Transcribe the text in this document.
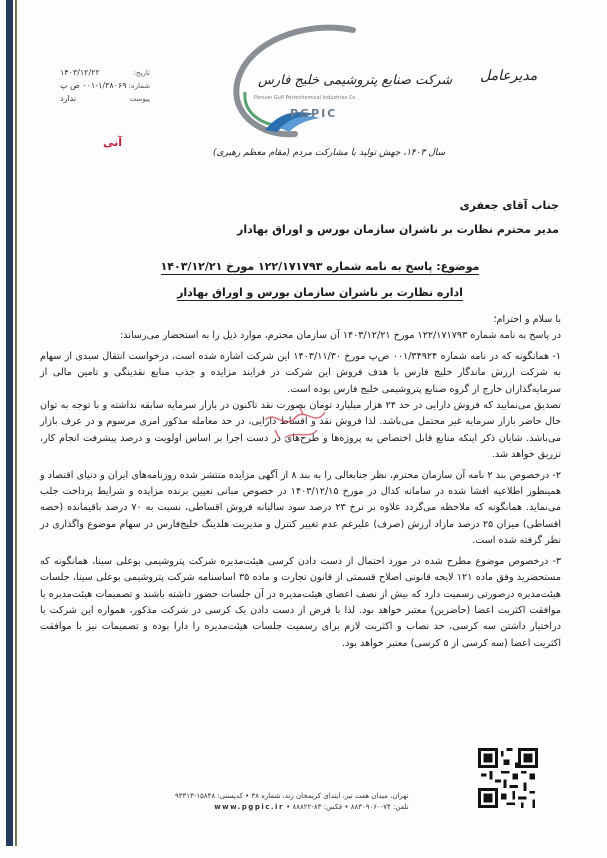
تاریخ:
۱۴۰۳/۱۲/۲۲
شماره:
۰۰۱-۱/۳۸۰۶۹ ص پ
پیوست
ندارد
آنی
شرکت صنایع پتروشیمی خلیج فارس
Persian Gulf Petrochemical Industries Co.
PGPIC
سال ۱۴۰۳، جهش تولید با مشارکت مردم (مقام معظم رهبری)
مدیرعامل
جناب آقای جعفری
مدیر محترم نظارت بر ناشران سازمان بورس و اوراق بهادار
موضوع: پاسخ به نامه شماره ۱۲۲/۱۷۱۷۹۳ مورخ ۱۴۰۳/۱۲/۲۱
اداره نظارت بر ناشران سازمان بورس و اوراق بهادار

با سلام و احترام؛

در پاسخ به نامه شماره ۱۲۲/۱۷۱۷۹۳ مورخ ۱۴۰۳/۱۲/۲۱ آن سازمان محترم، موارد ذیل را به استحضار می‌رساند:

۱- همانگونه که در نامه شماره ۰۰۱/۳۴۹۲۴ ص‌پ مورخ ۱۴۰۳/۱۱/۳۰ این شرکت اشاره شده است، درخواست انتقال سبدی از سهام به شرکت ارزش ماندگار خلیج فارس با هدف فروش این شرکت در فرایند مزایده و جذب منابع نقدینگی و تامین مالی از سرمایه‌گذاران خارج از گروه صنایع پتروشیمی خلیج فارس بوده است.

تصدیق می‌نمایید که فروش دارایی در حد ۲۴ هزار میلیارد تومان بصورت نقد تاکنون در بازار سرمایه سابقه نداشته و با توجه به توان حال حاضر بازار سرمایه غیر محتمل می‌باشد. لذا فروش نقد و اقساط دارایی، در حد معامله مذکور امری مرسوم و در عرف بازار می‌باشد. شایان ذکر اینکه منابع قابل اختصاص به پروژه‌ها و طرح‌های در دست اجرا بر اساس اولویت و درصد پیشرفت انجام کار، تزریق خواهد شد.

۲- درخصوص بند ۲ نامه آن سازمان محترم، نظر جنابعالی را به بند ۸ از آگهی مزایده منتشر شده روزنامه‌های ایران و دنیای اقتصاد و همینطور اطلاعیه افشا شده در سامانه کدال در مورخ ۱۴۰۳/۱۲/۱۵ در خصوص مبانی تعیین برنده مزایده و شرایط پرداخت جلب می‌نماید. همانگونه که ملاحظه می‌گردد علاوه بر نرخ ۲۳ درصد سود سالیانه فروش اقساطی، نسبت به ۷۰ درصد باقیمانده (حصه اقساطی) میزان ۲۵ درصد مازاد ارزش (صرف) علیرغم عدم تغییر کنترل و مدیریت هلدینگ خلیج‌فارس در سهام موضوع واگذاری در نظر گرفته شده است.

۳- درخصوص موضوع مطرح شده در مورد احتمال از دست دادن کرسی هیئت‌مدیره شرکت پتروشیمی بوعلی سینا، همانگونه که مستحضرید وفق ماده ۱۲۱ لایحه قانونی اصلاح قسمتی از قانون تجارت و ماده ۳۵ اساسنامه شرکت پتروشیمی بوعلی سینا، جلسات هیئت‌مدیره درصورتی رسمیت دارد که بیش از نصف اعضای هیئت‌مدیره در آن جلسات حضور داشته باشند و تصمیمات هیئت‌مدیره با موافقت اکثریت اعضا (حاضرین) معتبر خواهد بود. لذا با فرض از دست دادن یک کرسی در شرکت مذکور، همواره این شرکت با دراختیار داشتن سه کرسی، حد نصاب و اکثریت لازم برای رسمیت جلسات هیئت‌مدیره را دارا بوده و تصمیمات نیز با موافقت اکثریت اعضا (سه کرسی از ۵ کرسی) معتبر خواهد بود.

تهران، میدان هفت تیر، ابتدای کریمخان زند، شماره ۳۸ • کدپستی: ۱۵۸۴۸-۹۳۳۱۳
تلفن: ۷۴-۸۸۳۰۹۰۶۰ • فکس: ۸۳-۸۸۸۲۲ • www.pgpic.ir
